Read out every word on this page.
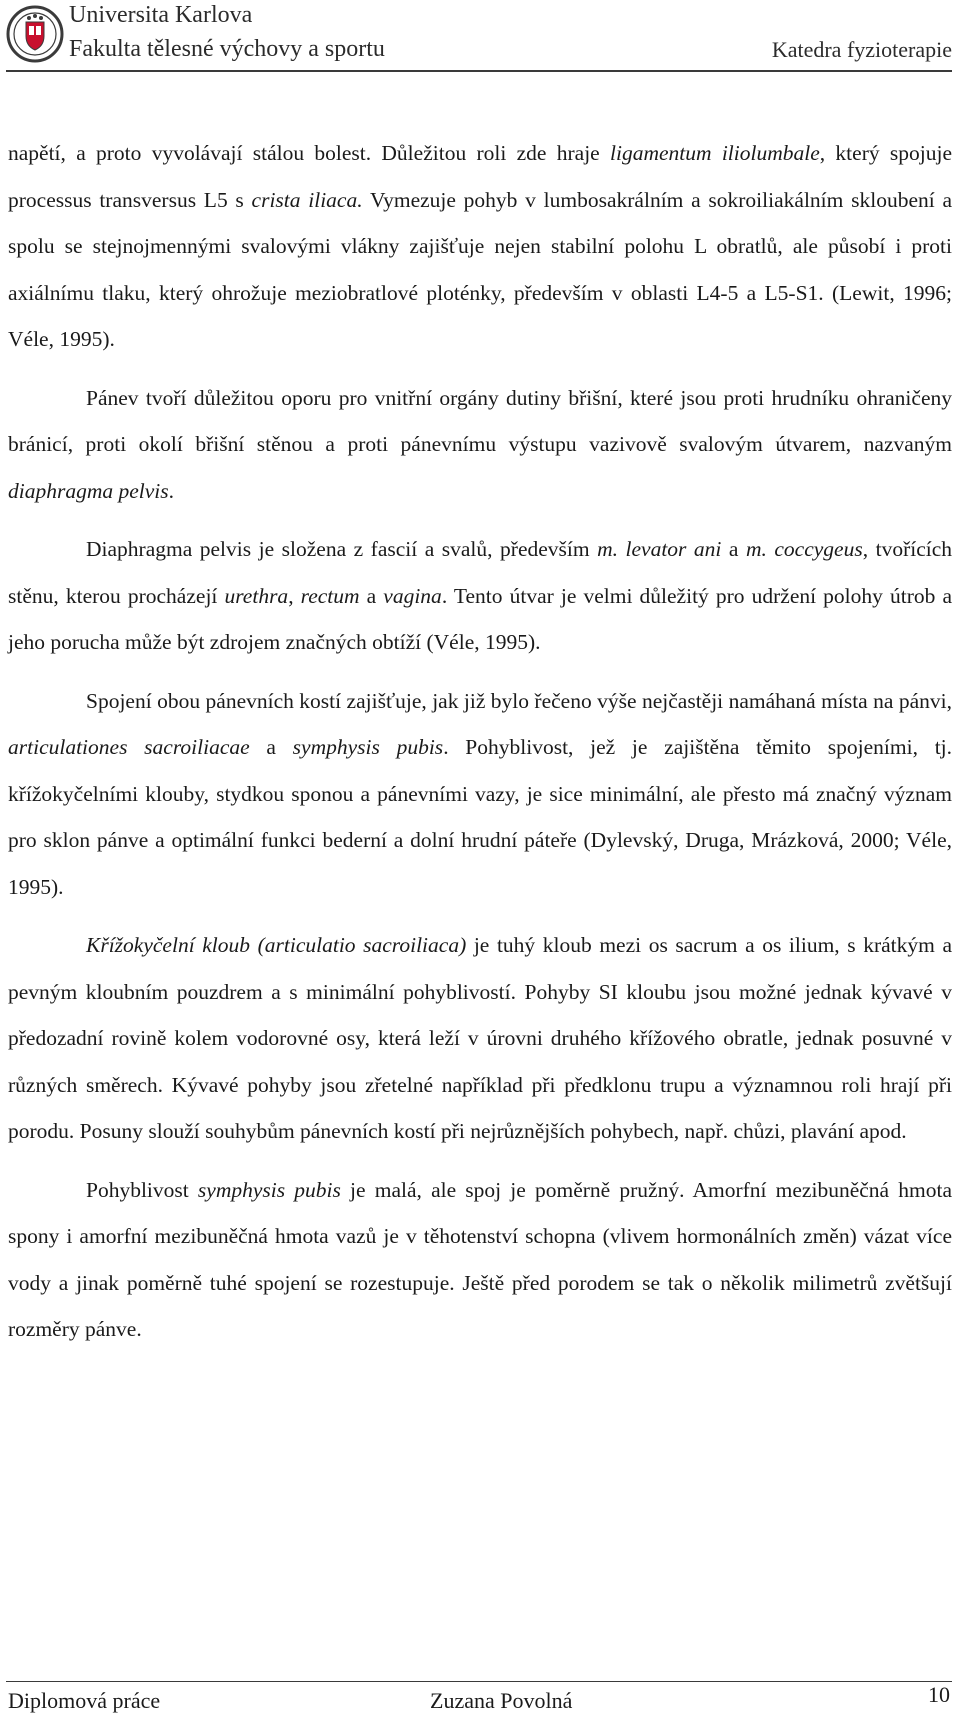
Universita Karlova
Fakulta tělesné výchovy a sportu	Katedra fyzioterapie

napětí, a proto vyvolávají stálou bolest. Důležitou roli zde hraje ligamentum iliolumbale, který spojuje processus transversus L5 s crista iliaca. Vymezuje pohyb v lumbosakrálním a sokroiliakálním skloubení a spolu se stejnojmennými svalovými vlákny zajišťuje nejen stabilní polohu L obratlů, ale působí i proti axiálnímu tlaku, který ohrožuje meziobratlové ploténky, především v oblasti L4-5 a L5-S1. (Lewit, 1996; Véle, 1995).

Pánev tvoří důležitou oporu pro vnitřní orgány dutiny břišní, které jsou proti hrudníku ohraničeny bránicí, proti okolí břišní stěnou a proti pánevnímu výstupu vazivově svalovým útvarem, nazvaným diaphragma pelvis.

Diaphragma pelvis je složena z fascií a svalů, především m. levator ani a m. coccygeus, tvořících stěnu, kterou procházejí urethra, rectum a vagina. Tento útvar je velmi důležitý pro udržení polohy útrob a jeho porucha může být zdrojem značných obtíží (Véle, 1995).

Spojení obou pánevních kostí zajišťuje, jak již bylo řečeno výše nejčastěji namáhaná místa na pánvi, articulationes sacroiliacae a symphysis pubis. Pohyblivost, jež je zajištěna těmito spojeními, tj. křížokyčelními klouby, stydkou sponou a pánevními vazy, je sice minimální, ale přesto má značný význam pro sklon pánve a optimální funkci bederní a dolní hrudní páteře (Dylevský, Druga, Mrázková, 2000; Véle, 1995).

Křížokyčelní kloub (articulatio sacroiliaca) je tuhý kloub mezi os sacrum a os ilium, s krátkým a pevným kloubním pouzdrem a s minimální pohyblivostí. Pohyby SI kloubu jsou možné jednak kývavé v předozadní rovině kolem vodorovné osy, která leží v úrovni druhého křížového obratle, jednak posuvné v různých směrech. Kývavé pohyby jsou zřetelné například při předklonu trupu a významnou roli hrají při porodu. Posuny slouží souhybům pánevních kostí při nejrůznějších pohybech, např. chůzi, plavání apod.

Pohyblivost symphysis pubis je malá, ale spoj je poměrně pružný. Amorfní mezibuněčná hmota spony i amorfní mezibuněčná hmota vazů je v těhotenství schopna (vlivem hormonálních změn) vázat více vody a jinak poměrně tuhé spojení se rozestupuje. Ještě před porodem se tak o několik milimetrů zvětšují rozměry pánve.

Diplomová práce	Zuzana Povolná	10
